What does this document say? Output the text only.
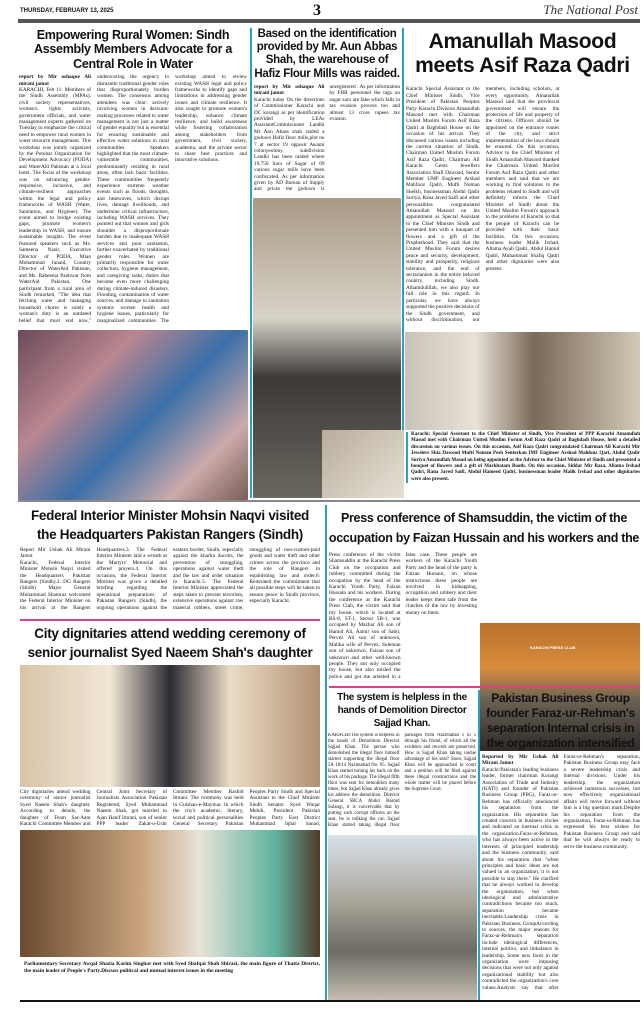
THURSDAY, FEBRUARY 13, 2025	3	The National Post
Empowering Rural Women: Sindh Assembly Members Advocate for a Central Role in Water

report by Mir oshaque Ali mirani jamot

KARACHI, Feb 11: Members of the Sindh Assembly (MPAs), civil society representatives, women's rights activists, government officials, and water management experts gathered on Tuesday to emphasize the critical need to empower rural women in water resource management. This workshop was jointly organized by the Potohar Organization for Development Advocacy (PODA) and WaterAid Pakistan at a local hotel. The focus of the workshop was on advancing gender-responsive, inclusive, and climate-resilient approaches within the legal and policy frameworks of WASH (Water, Sanitation, and Hygiene). The event aimed to bridge existing gaps, promote women's leadership in WASH, and ensure sustainable insights. The event featured speakers such as Ms. Sameena Nazir, Executive Director of PODA, Mian Mohammad Junaid, Country Director of WaterAid Pakistan, and Ms. Rabeema Panhwar from WaterAid Pakistan. One participant from a rural area of Sindh remarked, "The idea that fetching water and managing household chores is solely a woman's duty is an outdated belief that must end now," underscoring the urgency to dismantle traditional gender roles that disproportionately burden women. The consensus among attendees was clear: actively involving women in decision-making processes related to water management is not just a matter of gender equality but is essential for ensuring sustainable and effective water solutions in rural communities. Speakers highlighted that the most climate-vulnerable communities, predominantly residing in rural areas, often lack basic facilities. These communities frequently experience extreme weather events such as floods, droughts, and heatwaves, which disrupt lives, damage livelihoods, and undermine critical infrastructure, including WASH services. They pointed out that women and girls shoulder a disproportionate burden due to inadequate WASH services and poor sanitation, further exacerbated by traditional gender roles. Women are primarily responsible for water collection, hygiene management, and caregiving tasks, duties that become even more challenging during climate-induced disasters. Flooding, contamination of water sources, and damage to sanitation systems worsen health and hygiene issues, particularly for marginalized communities. The workshop aimed to review existing WASH legal and policy frameworks to identify gaps and limitations in addressing gender issues and climate resilience. It also sought to promote women's leadership, enhance climate resilience, and build awareness while fostering collaboration among stakeholders from government, civil society, academia, and the private sector to share best practices and innovative solutions.

Based on the identification provided by Mr. Aun Abbas Shah, the warehouse of Hafiz Flour Mills was raided.

report by Mir oshaque Ali mirani jamot

Karachi today On the directions of Commissioner Karachi and DC korangi as per identification provided by LEAs AssistantCommissioner Landhi Mr Aon Abass shah raided a godown Hafiz floor mills,plot no 7 at sector 19 opposit Awami colonyeolony, subdivision Landhi has been raided where 19,750 Sacs of Sugar of 09 various sugar mills have been confiscated. As per information given by AD Bureau of Supply and prices the godown is unregistered . As per information by FBR personnel the tags on sugar sacs are fake which falls in tax evasion process too and almost 13 crore rupees tax evasion.

Amanullah Masood meets Asif Raza Qadri

Karachi Special Assistant to the Chief Minister Sindh, Vice President of Pakistan Peoples Party Karachi Division Amanullah Masood met with Chairman United Muslim Forum Asif Raza Qadri at Baghdadi House on the occasion of his arrival. They discussed various issues including the current situation of Sindh. Chairman United Muslim Forum Asif Raza Qadri, Chairman All Karachi Gems Jewellers Association Shafi Dawood, Senior Member UMF Engineer Arshad Mahfooz Qadri, Mufti Noman Sheikh, businessman Abdul Qadir Suriya, Rana Javed Saifi and other personalities congratulated Amanullah Masood on his appointment as Special Assistant to the Chief Minister Sindh and presented him with a bouquet of flowers and a gift of the Prophethood. They said that the United Muslim Forum desires peace and security, development, stability and prosperity, religious tolerance, and the end of sectarianism in the entire beloved country, including Sindh. Alhamdulillah, we also play our full role in this regard. In particular, we have always supported the positive decisions of the Sindh government, and without discrimination, our members, including scholars, at every opportunity. Amanullah Masood said that the provincial government will ensure the protection of life and property of the citizens. Officers should be appointed on the entrance routes of the city, and strict implementation of the laws should be ensured. On this occasion, Advisor to the Chief Minister of Sindh Amanullah Masood thanked the Chairman United Muslim Forum Asif Raza Qadri and other members and said that we are working to find solutions to the problems related to Sindh and will definitely inform the Chief Minister of Sindh about the United Muslim Forum's approach to the problems of Karachi so that the people of Karachi can be provided with their basic facilities. On this occasion, business leader Malik Irshad, Allama Ayub Qadri, Abdul Hamid Qadri, Muhammad Shafiq Qadri and other dignitaries were also present.

Karachi: Special Assistant to the Chief Minister of Sindh, Vice President of PPP Karachi Amanullah Masud met with Chairman United Muslim Forum Asif Raza Qadri at Baghdadi House, held a detailed discussion on various issues. On this occasion, Asif Raza Qadri congratulated Chairman All Karachi Mir Jewelers Shia Dawood Mufti Noman Pesh Senterkan IMF Engineer Arshad Mahfouz Qari, Abdul Qadir Suriya Amanullah Masud on being appointed as the Advisor to the Chief Minister of Sindh and presented a bouquet of flowers and a gift of Markhatam Booth. On this occasion, Siddar Mir Raza, Allama Irshad Qadri, Rana Javed Saifi, Abdul Hameed Qadri, businessman leader Malik Irshad and other dignitaries were also present.
Federal Interior Minister Mohsin Naqvi visited the Headquarters Pakistan Rangers (Sindh)

Report Mir Ushak Ali Mirani Jamot

Karachi, Federal Interior Minister Mohsin Naqvi visited the Headquarters Pakistan Rangers (Sindh).2. DG Rangers (Sindh) Major General Muhammad Shamraz welcomed the Federal Interior Minister on his arrival at the Rangers Headquarters.3. The Federal Interior Minister laid a wreath at the Martyrs' Memorial and offered prayers.4. On this occasion, the Federal Interior Minister was given a detailed briefing regarding the operational preparations of Pakistan Rangers (Sindh), the ongoing operations against the eastern border, Sindh, especially against the kharka dacoits, the prevention of smuggling, operations against water theft and the law and order situation in Karachi.5. The Federal Interior Minister appreciated the steps taken to prevent terrorism, extensive operations against raw material robbers, street crime, smuggling of non-custom-paid goods and water theft and other crimes across the province and the role of Rangers in establishing law and order.6. Reiterated the commitment that all possible steps will be taken to ensure peace in Sindh province, especially Karachi.

City dignitaries attend wedding ceremony of senior journalist Syed Naeem Shah's daughter

City dignitaries attend wedding ceremony of senior journalist Syed Naeem Shah's daughter. According to details, the daughter of Team Sar-Aam Karachi Committee Member and Central Joint Secretary of Journalists Association Pakistan Registered, Syed Muhammad Naeem Shah, got married to Ajan Hanif Imrani, son of senior PPP leader Zakat-o-Ushr Committee Member Rashid Imrani. The ceremony was held in Gulshan-e-Maymar. In which the city's academic, literary, social and political personalities General Secretary Pakistan Peoples Party Sindh and Special Assistant to the Chief Minister Sindh Senator Syed Waqar Mehdi, President Pakistan Peoples Party East District Muhammad Iqbal Sanad,

Parliamentary Secretary Awqaf Shazia Karim Singhar met with Syed Shafqat Shah Shirazi, the main figure of Thatta District, the main leader of People's Party.Discuss political and mutual interest issues in the meeting
Press conference of Shamsuddin, the victim of the occupation by Faizan Hussain and his workers and the

Press conference of the victim Shamsuddin at the Karachi Press Club on the occupation and robbery committed during the occupation by the head of the Karachi Youth Party, Faizan Hussain and his workers. During the conference at the Karachi Press Club, the victim said that my house, which is located at RS-8, ST-1, Sector 5B-1, was occupied by Mazhar Ali son of Hamid Ali, Aamir son of Sabir, Pervez Ali son of unknown, Malika wife of Pervez, Suleman son of unknown, Faizan son of unknown and other well-known people. They not only occupied my house, but also misled the police and got me arrested in a false case. These people are workers of the Karachi Youth Party and the head of the party is Faizan Hussain, on whose instructions these people are involved in kidnapping, occupation and robbery and their leader keeps them safe from the clutches of the law by investing money on them.

KARACHI PRESS CLUB
The system is helpless in the hands of Demolition Director Sajjad Khan.

KARACHI:The system is helpless in the hands of Demolition Director Sajjad Khan. The person who demolished the illegal floor himself started supporting the illegal floor 5A 18/14 Nazimabad No. 05. Sajjad Khan started turning his back on the work of his package. The illegal fifth floor was sent for demolition many times, but Sajjad Khan already gives his address the demolition. Director General SBCA Abdul Rashid Solangi, it is conceivable that by putting such corrupt officers on the seat, he is milking the cat. Sajjad Khan started taking illegal floor packages from Nazimabad 1 to 5 through his friend, of which all the evidence and records are preserved. How is Sajjad Khan taking undue advantage of his seat? Soon, Sajjad Khan will be approached in court and a petition will be filed against these illegal constructions and the whole matter will be placed before the Supreme Court.

Pakistan Business Group founder Faraz-ur-Rehman's separation Internal crisis in the organization intensified

Reported by Mir Ushak Ali Mirani Jamot

Karachi:Pakistan's leading business leader, former chairman Korangi Association of Trade and Industry (KATI) and founder of Pakistan Business Group (PBG), Faraz-ur-Rehman has officially announced his separation from the organization. His separation has created concern in business circles and indicated an internal crisis in the organization.Faraz-ur-Rehman, who has always been active in the interests of principled leadership and the business community, said about his separation that "when principles and basic ideas are not valued in an organization, it is not possible to stay there." He clarified that he always worked to develop the organization, but when ideological and administrative contradictions became too much, separation became inevitable.Leadership crisis in Pakistan Business GroupAccording to sources, the major reasons for Faraz-ur-Rehman's separation include ideological differences, internal politics, and imbalance in leadership. Some new faces in the organization were imposing decisions that were not only against organizational stability but also contradicted the organization's core values.Analysts say that after Faraz-ur-Rehman's separation, Pakistan Business Group may face a severe leadership crisis and internal divisions. Under his leadership, the organization achieved numerous successes, but now effectively organizational affairs will move forward without him is a big question mark.Despite his separation from the organization, Faraz-ur-Rehman has expressed his best wishes for Pakistan Business Group and said that he will always be ready to serve the business community.
